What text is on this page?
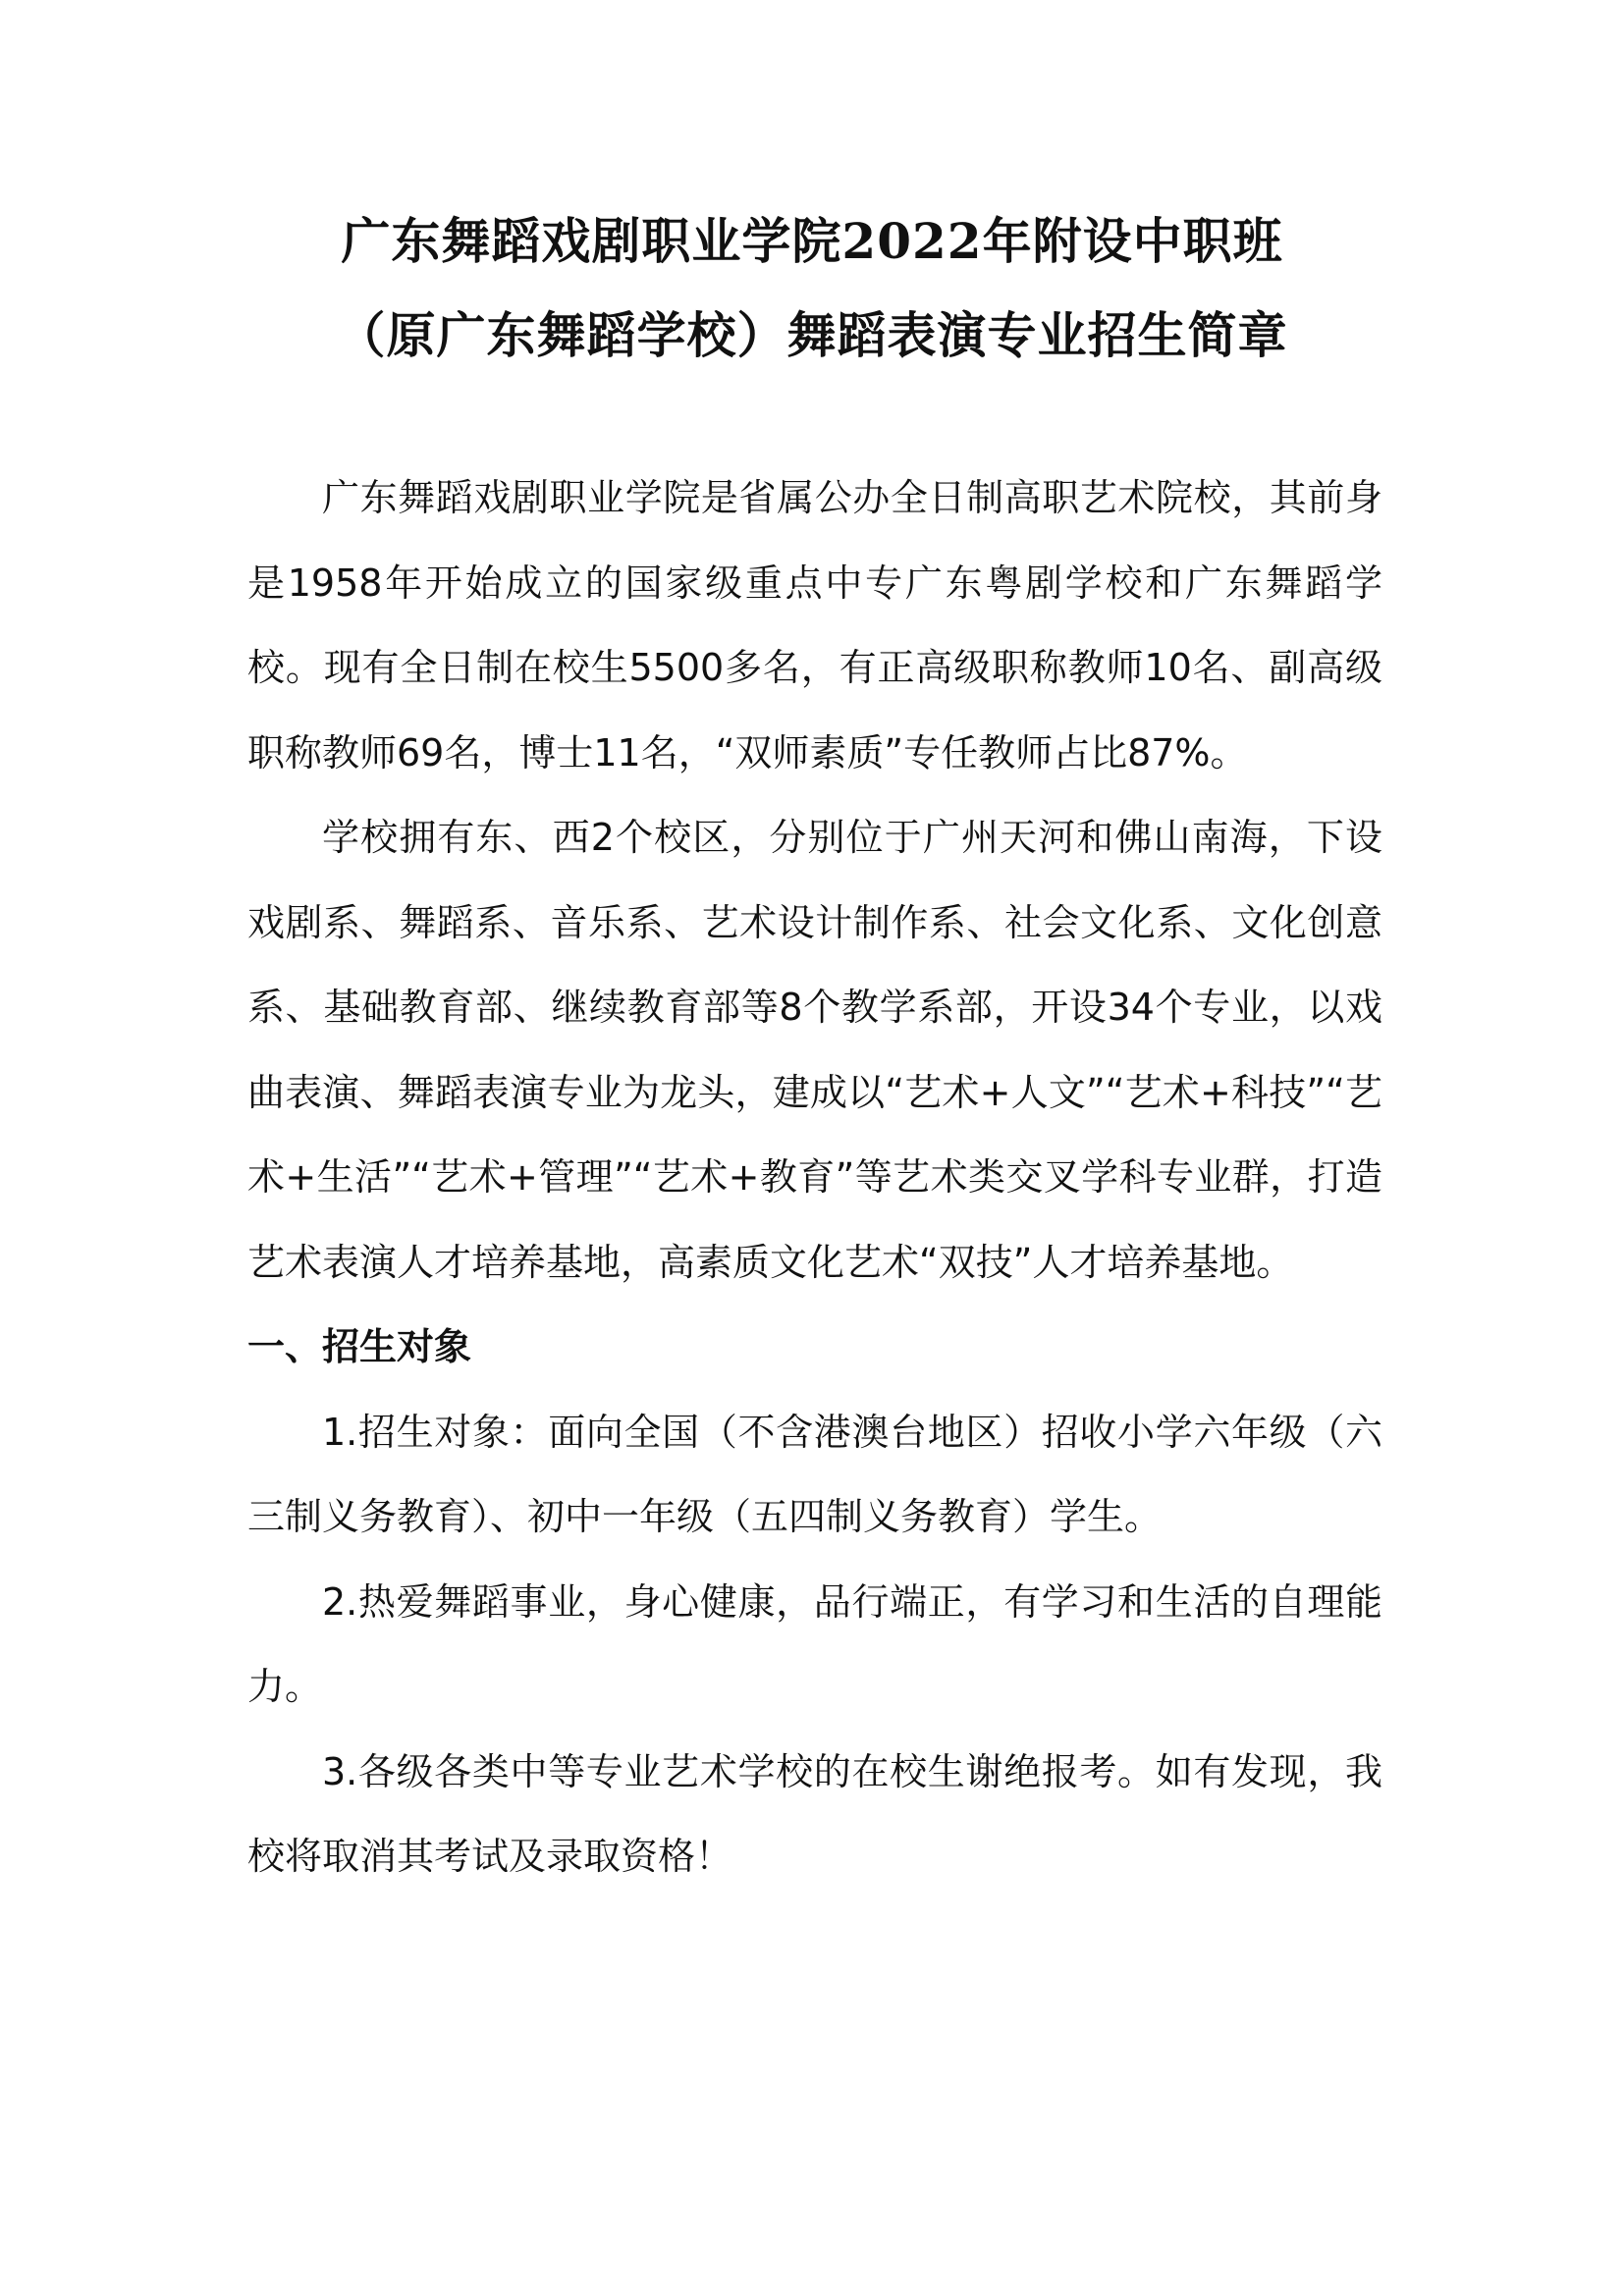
广东舞蹈戏剧职业学院2022年附设中职班
（原广东舞蹈学校）舞蹈表演专业招生简章

广东舞蹈戏剧职业学院是省属公办全日制高职艺术院校，其前身是1958年开始成立的国家级重点中专广东粤剧学校和广东舞蹈学校。现有全日制在校生5500多名，有正高级职称教师10名、副高级职称教师69名，博士11名，“双师素质”专任教师占比87%。

学校拥有东、西2个校区，分别位于广州天河和佛山南海，下设戏剧系、舞蹈系、音乐系、艺术设计制作系、社会文化系、文化创意系、基础教育部、继续教育部等8个教学系部，开设34个专业，以戏曲表演、舞蹈表演专业为龙头，建成以“艺术+人文”“艺术+科技”“艺术+生活”“艺术+管理”“艺术+教育”等艺术类交叉学科专业群，打造艺术表演人才培养基地，高素质文化艺术“双技”人才培养基地。

一、招生对象

1.招生对象：面向全国（不含港澳台地区）招收小学六年级（六三制义务教育）、初中一年级（五四制义务教育）学生。

2.热爱舞蹈事业，身心健康，品行端正，有学习和生活的自理能力。

3.各级各类中等专业艺术学校的在校生谢绝报考。如有发现，我校将取消其考试及录取资格！
